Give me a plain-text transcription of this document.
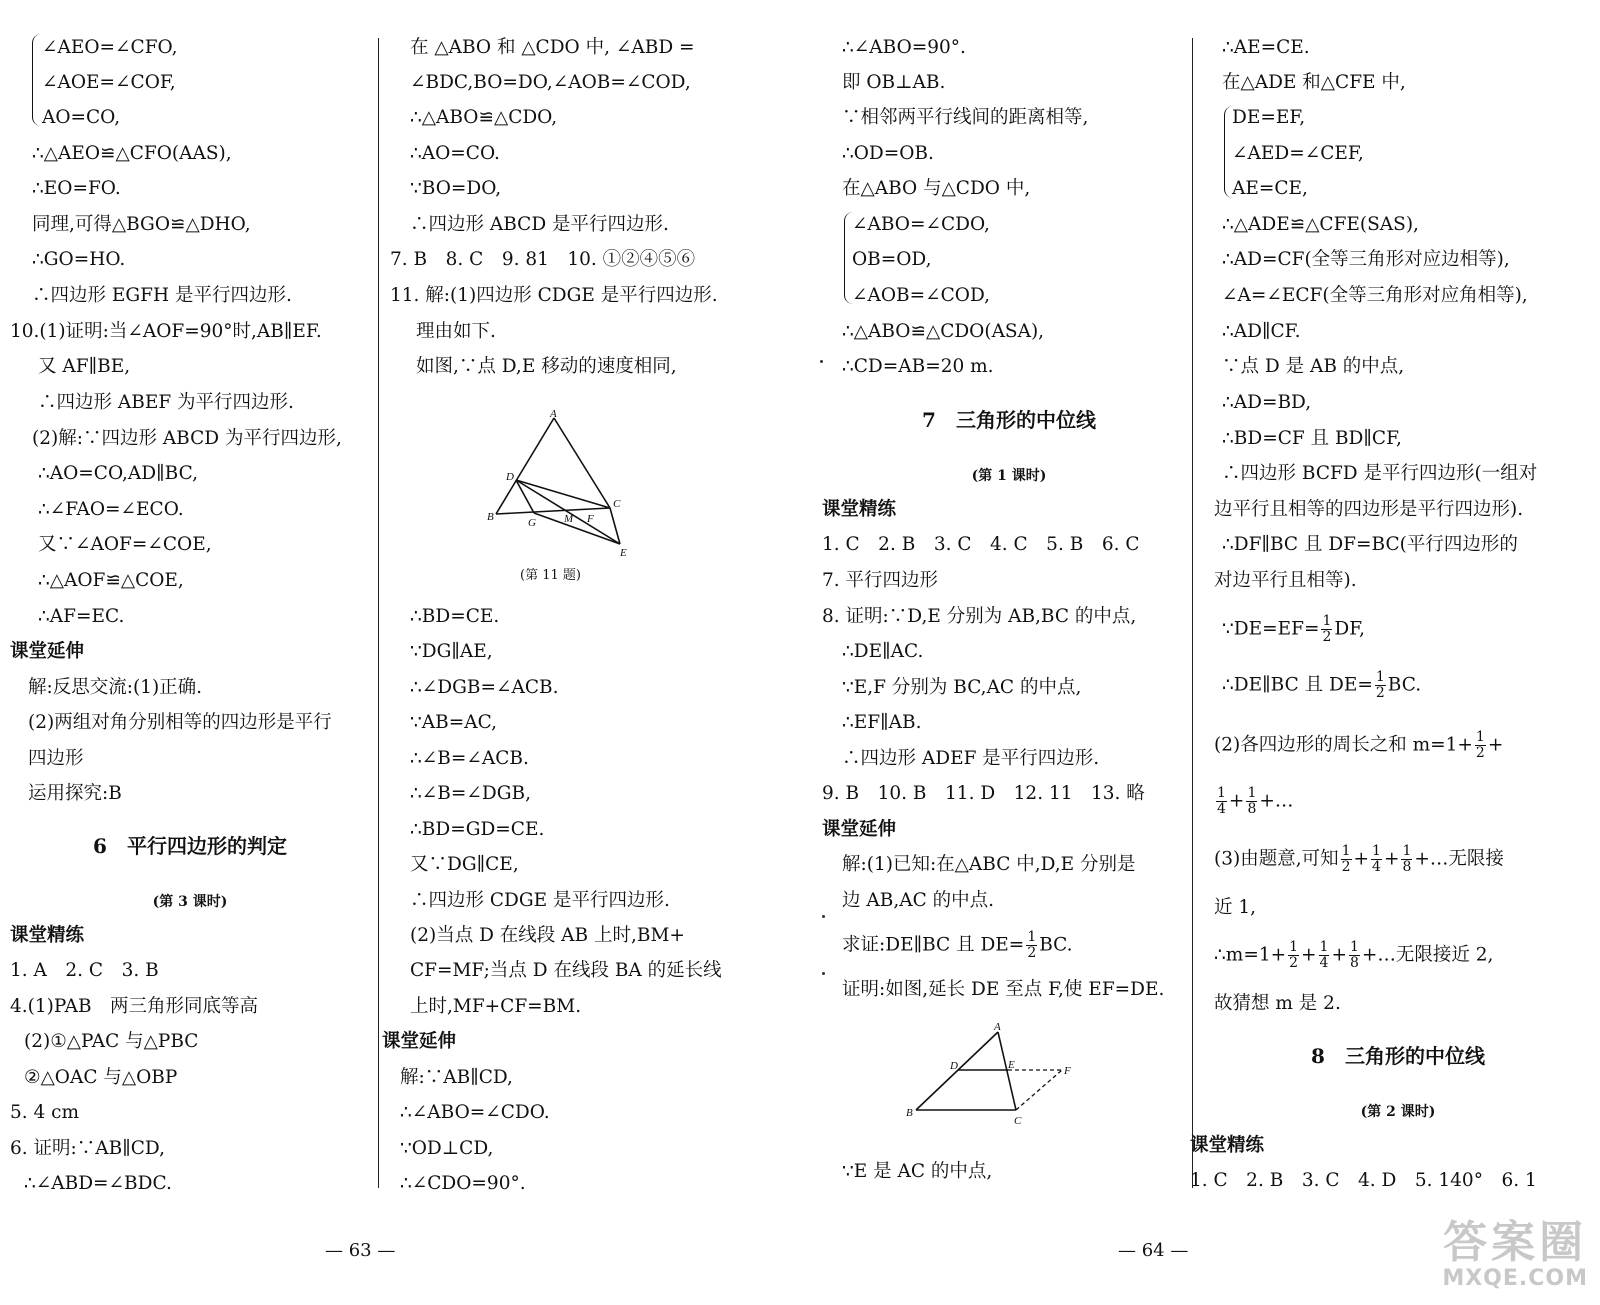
∠AEO=∠CFO,
∠AOE=∠COF,
AO=CO,
∴△AEO≌△CFO(AAS),
∴EO=FO.
同理,可得△BGO≌△DHO,
∴GO=HO.
∴四边形 EGFH 是平行四边形.
10.(1)证明:当∠AOF=90°时,AB∥EF.
又 AF∥BE,
∴四边形 ABEF 为平行四边形.
(2)解:∵四边形 ABCD 为平行四边形,
∴AO=CO,AD∥BC,
∴∠FAO=∠ECO.
又∵∠AOF=∠COE,
∴△AOF≌△COE,
∴AF=EC.
课堂延伸
解:反思交流:(1)正确.
(2)两组对角分别相等的四边形是平行
四边形
运用探究:B
6　平行四边形的判定
(第 3 课时)
课堂精练
1. A　2. C　3. B
4.(1)PAB　两三角形同底等高
(2)①△PAC 与△PBC
②△OAC 与△OBP
5. 4 cm
6. 证明:∵AB∥CD,
∴∠ABD=∠BDC.
在 △ABO 和 △CDO 中, ∠ABD =
∠BDC,BO=DO,∠AOB=∠COD,
∴△ABO≌△CDO,
∴AO=CO.
∵BO=DO,
∴四边形 ABCD 是平行四边形.
7. B　8. C　9. 81　10. ①②④⑤⑥
11. 解:(1)四边形 CDGE 是平行四边形.
理由如下.
如图,∵点 D,E 移动的速度相同,
A
D
C
B	G	M F
E
(第 11 题)
∴BD=CE.
∵DG∥AE,
∴∠DGB=∠ACB.
∵AB=AC,
∴∠B=∠ACB.
∴∠B=∠DGB,
∴BD=GD=CE.
又∵DG∥CE,
∴四边形 CDGE 是平行四边形.
(2)当点 D 在线段 AB 上时,BM+
CF=MF;当点 D 在线段 BA 的延长线
上时,MF+CF=BM.
课堂延伸
解:∵AB∥CD,
∴∠ABO=∠CDO.
∵OD⊥CD,
∴∠CDO=90°.
— 63 —
∴∠ABO=90°.
即 OB⊥AB.
∵相邻两平行线间的距离相等,
∴OD=OB.
在△ABO 与△CDO 中,
∠ABO=∠CDO,
OB=OD,
∠AOB=∠COD,
∴△ABO≌△CDO(ASA),
∴CD=AB=20 m.
7　三角形的中位线
(第 1 课时)
课堂精练
1. C　2. B　3. C　4. C　5. B　6. C
7. 平行四边形
8. 证明:∵D,E 分别为 AB,BC 的中点,
∴DE∥AC.
∵E,F 分别为 BC,AC 的中点,
∴EF∥AB.
∴四边形 ADEF 是平行四边形.
9. B　10. B　11. D　12. 11　13. 略
课堂延伸
解:(1)已知:在△ABC 中,D,E 分别是
边 AB,AC 的中点.
求证:DE∥BC 且 $DE= \frac{1}{2}$ BC.
证明:如图,延长 DE 至点 F,使 EF=DE.
A
D	E	F
B
C
∵E 是 AC 的中点,
— 64 —
∴AE=CE.
在△ADE 和△CFE 中,
DE=EF,
∠AED=∠CEF,
AE=CE,
∴△ADE≌△CFE(SAS),
∴AD=CF(全等三角形对应边相等),
∠A=∠ECF(全等三角形对应角相等),
∴AD∥CF.
∵点 D 是 AB 的中点,
∴AD=BD,
∴BD=CF 且 BD∥CF,
∴四边形 BCFD 是平行四边形(一组对
边平行且相等的四边形是平行四边形).
∴DF∥BC 且 DF=BC(平行四边形的
对边平行且相等).
∵DE=EF= $\frac{1}{2}$ DF,
∴DE∥BC 且 $DE= \frac{1}{2}$ BC.
(2)各四边形的周长之和 $m=1+ \frac{1}{2}$ +
$\frac{1}{4} + \frac{1}{8}$ +…
(3)由题意,可知 $\frac{1}{2} + \frac{1}{4} + \frac{1}{8}$ +…无限接
近 1,
∴m=1+ $\frac{1}{2} + \frac{1}{4} + \frac{1}{8}$ +…无限接近 2,
故猜想 m 是 2.
8　三角形的中位线
(第 2 课时)
课堂精练
1. C　2. B　3. C　4. D　5. 140°　6. 1
答案圈
MXQE.COM
